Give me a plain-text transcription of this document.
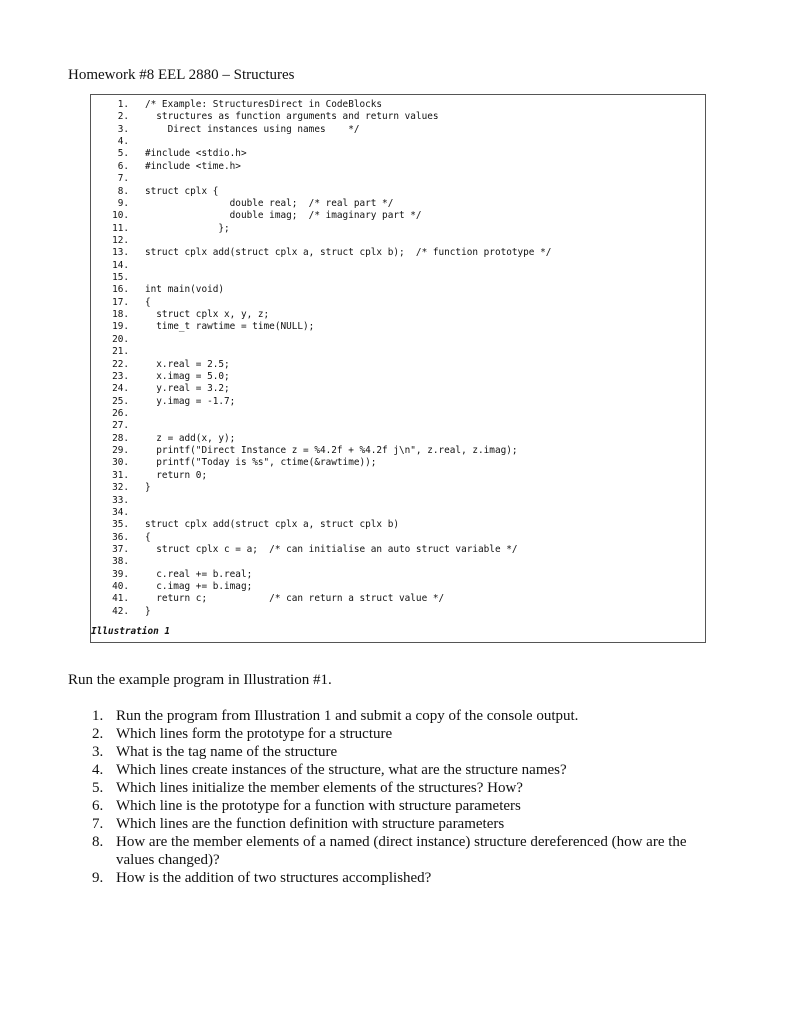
Homework #8 EEL 2880 – Structures
1. /* Example: StructuresDirect in CodeBlocks
2. structures as function arguments and return values
3. Direct instances using names    */
4.
5. #include <stdio.h>
6. #include <time.h>
7.
8. struct cplx {
9. double real;  /* real part */
10. double imag;  /* imaginary part */
11. };
12.
13. struct cplx add(struct cplx a, struct cplx b);  /* function prototype */
14.
15.
16. int main(void)
17. {
18. struct cplx x, y, z;
19. time_t rawtime = time(NULL);
20.
21.
22. x.real = 2.5;
23. x.imag = 5.0;
24. y.real = 3.2;
25. y.imag = -1.7;
26.
27.
28. z = add(x, y);
29. printf("Direct Instance z = %4.2f + %4.2f j\n", z.real, z.imag);
30. printf("Today is %s", ctime(&rawtime));
31. return 0;
32. }
33.
34.
35. struct cplx add(struct cplx a, struct cplx b)
36. {
37. struct cplx c = a;  /* can initialise an auto struct variable */
38.
39. c.real += b.real;
40. c.imag += b.imag;
41. return c;           /* can return a struct value */
42. }
Illustration 1
Run the example program in Illustration #1.

1. Run the program from Illustration 1 and submit a copy of the console output.

2. Which lines form the prototype for a structure

3. What is the tag name of the structure

4. Which lines create instances of the structure, what are the structure names?

5. Which lines initialize the member elements of the structures? How?

6. Which line is the prototype for a function with structure parameters

7. Which lines are the function definition with structure parameters

8. How are the member elements of a named (direct instance) structure dereferenced (how are the values changed)?

9. How is the addition of two structures accomplished?
